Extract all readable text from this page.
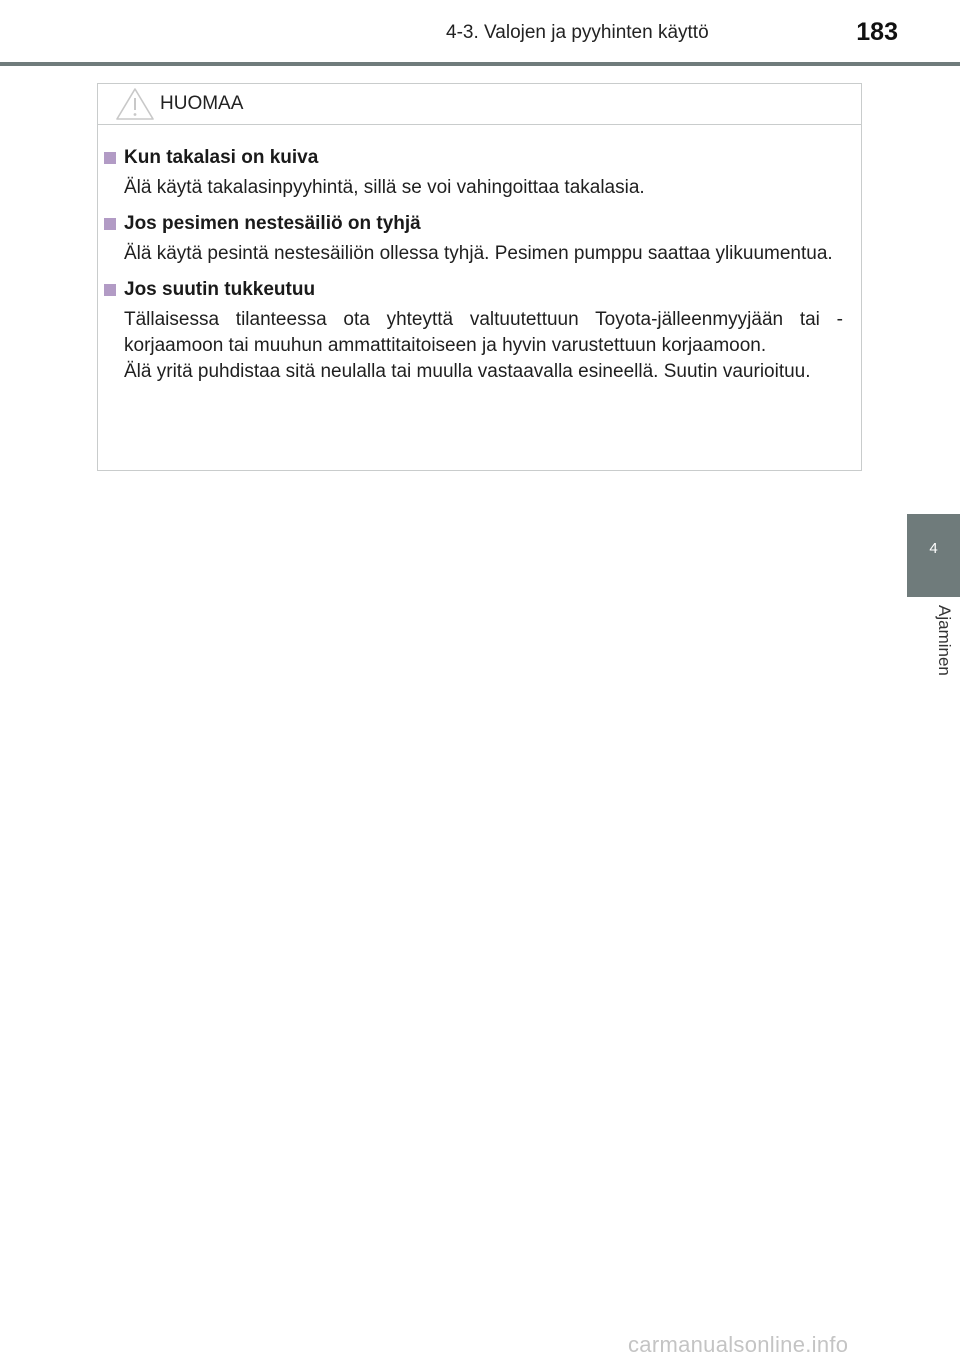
4-3. Valojen ja pyyhinten käyttö	183
HUOMAA
Kun takalasi on kuiva
Älä käytä takalasinpyyhintä, sillä se voi vahingoittaa takalasia.
Jos pesimen nestesäiliö on tyhjä
Älä käytä pesintä nestesäiliön ollessa tyhjä. Pesimen pumppu saattaa ylikuumentua.
Jos suutin tukkeutuu
Tällaisessa tilanteessa ota yhteyttä valtuutettuun Toyota-jälleenmyyjään tai -korjaamoon tai muuhun ammattitaitoiseen ja hyvin varustettuun korjaamoon.
Älä yritä puhdistaa sitä neulalla tai muulla vastaavalla esineellä. Suutin vaurioituu.
4
Ajaminen
carmanualsonline.info
